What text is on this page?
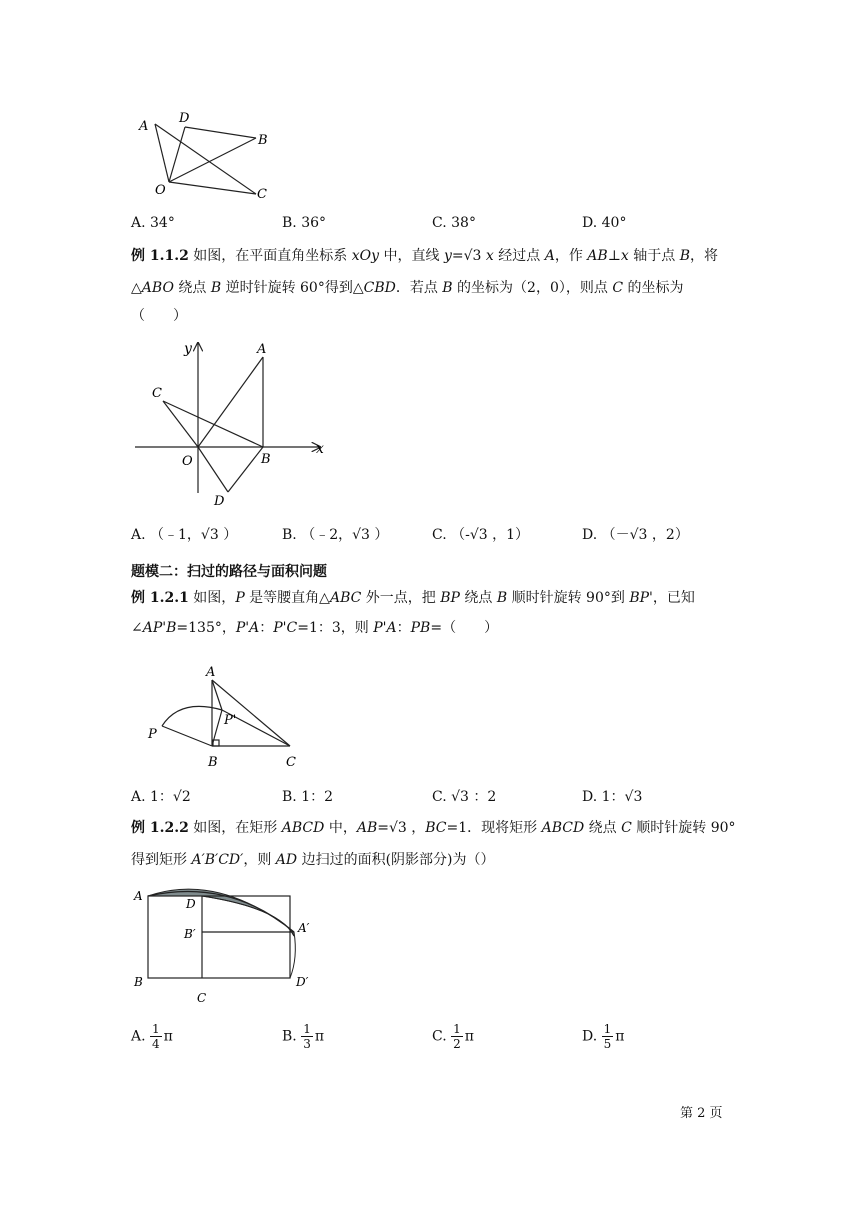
A
D
B
O	C
A. 34°	B. 36°	C. 38°	D. 40°
例 1.1.2 如图，在平面直角坐标系 xOy 中，直线 y=√3 x 经过点 A，作 AB⊥x 轴于点 B，将
△ABO 绕点 B 逆时针旋转 60°得到△CBD．若点 B 的坐标为（2，0），则点 C 的坐标为
（　　）
y	A
C
O	B
x
D
A. （﹣1，√3 ）	B. （﹣2，√3 ）	C. （-√3 ，1）	D. （－√3 ，2）
题模二：扫过的路径与面积问题
例 1.2.1 如图，P 是等腰直角△ABC 外一点，把 BP 绕点 B 顺时针旋转 90°到 BP'，已知
∠AP'B=135°，P'A：P'C=1：3，则 P'A：PB=（　　）
A
P'
P
B	C
A. 1：√2	B. 1：2	C. √3 ：2	D. 1：√3
例 1.2.2 如图，在矩形 ABCD 中，AB=√3 ，BC=1．现将矩形 ABCD 绕点 C 顺时针旋转 90°
得到矩形 A′B′CD′，则 AD 边扫过的面积(阴影部分)为（）
A
D
B′	A′
B
C
D′
A. $\frac{1}{4}$ π	B. $\frac{1}{3}$ π	C. $\frac{1}{2}$ π	D. $\frac{1}{5}$ π
第 2 页
